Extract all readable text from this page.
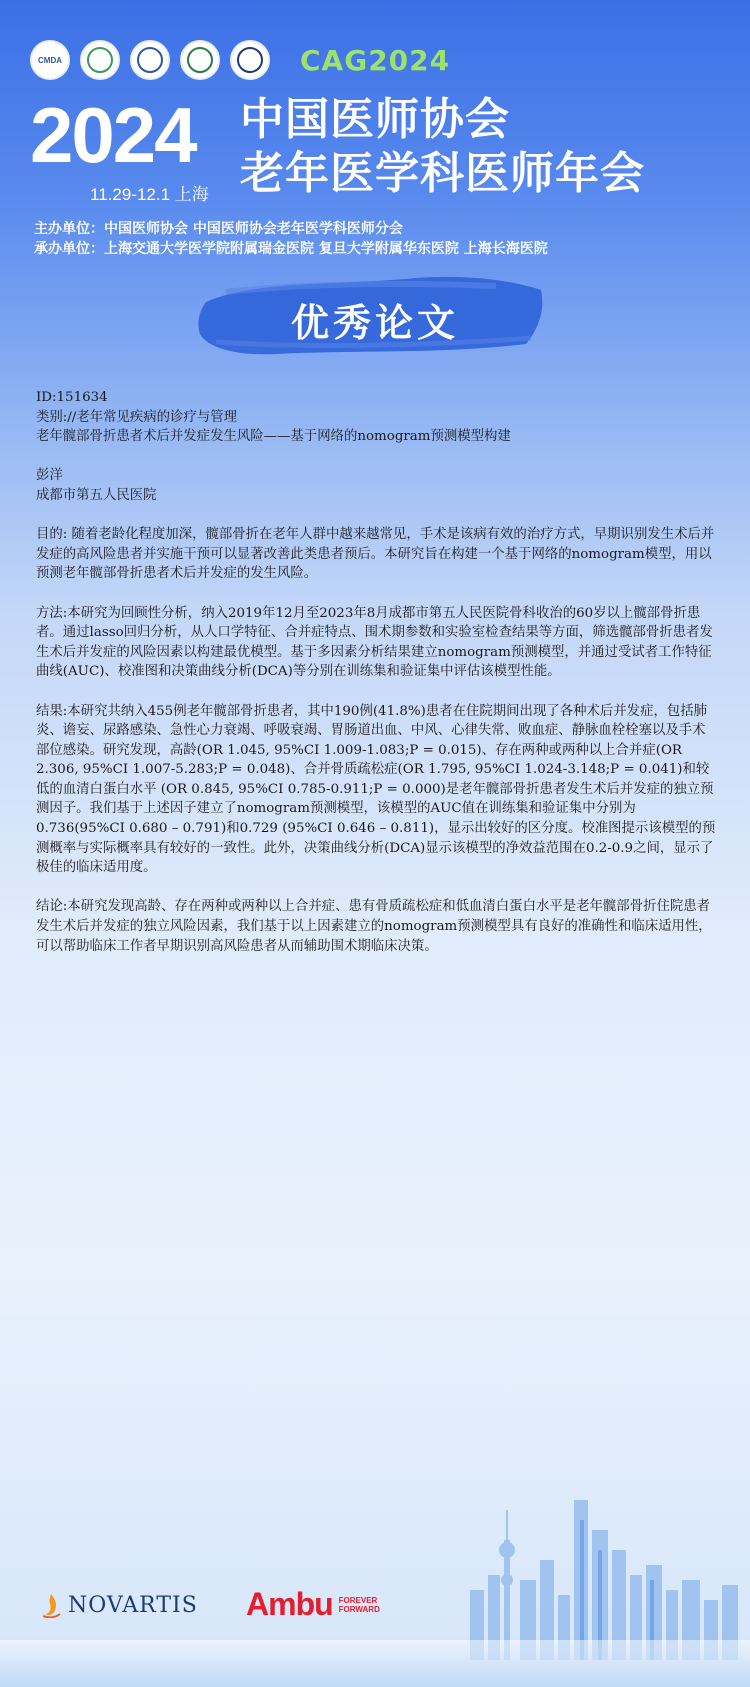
CMDA	CAG2024
2024
11.29-12.1 上海
中国医师协会
老年医学科医师年会
主办单位：中国医师协会 中国医师协会老年医学科医师分会
承办单位：上海交通大学医学院附属瑞金医院 复旦大学附属华东医院 上海长海医院
优秀论文

ID:151634

类别://老年常见疾病的诊疗与管理

老年髋部骨折患者术后并发症发生风险——基于网络的nomogram预测模型构建

彭洋

成都市第五人民医院

目的: 随着老龄化程度加深，髋部骨折在老年人群中越来越常见，手术是该病有效的治疗方式，早期识别发生术后并发症的高风险患者并实施干预可以显著改善此类患者预后。本研究旨在构建一个基于网络的nomogram模型，用以预测老年髋部骨折患者术后并发症的发生风险。

方法:本研究为回顾性分析，纳入2019年12月至2023年8月成都市第五人民医院骨科收治的60岁以上髋部骨折患者。通过lasso回归分析，从人口学特征、合并症特点、围术期参数和实验室检查结果等方面，筛选髋部骨折患者发生术后并发症的风险因素以构建最优模型。基于多因素分析结果建立nomogram预测模型，并通过受试者工作特征曲线(AUC)、校准图和决策曲线分析(DCA)等分别在训练集和验证集中评估该模型性能。

结果:本研究共纳入455例老年髋部骨折患者，其中190例(41.8%)患者在住院期间出现了各种术后并发症，包括肺炎、谵妄、尿路感染、急性心力衰竭、呼吸衰竭、胃肠道出血、中风、心律失常、败血症、静脉血栓栓塞以及手术部位感染。研究发现，高龄(OR 1.045, 95%CI 1.009-1.083;P = 0.015)、存在两种或两种以上合并症(OR 2.306, 95%CI 1.007-5.283;P = 0.048)、合并骨质疏松症(OR 1.795, 95%CI 1.024-3.148;P = 0.041)和较低的血清白蛋白水平 (OR 0.845, 95%CI 0.785-0.911;P = 0.000)是老年髋部骨折患者发生术后并发症的独立预测因子。我们基于上述因子建立了nomogram预测模型，该模型的AUC值在训练集和验证集中分别为0.736(95%CI 0.680 – 0.791)和0.729 (95%CI 0.646 – 0.811)，显示出较好的区分度。校准图提示该模型的预测概率与实际概率具有较好的一致性。此外，决策曲线分析(DCA)显示该模型的净效益范围在0.2-0.9之间，显示了极佳的临床适用度。

结论:本研究发现高龄、存在两种或两种以上合并症、患有骨质疏松症和低血清白蛋白水平是老年髋部骨折住院患者发生术后并发症的独立风险因素，我们基于以上因素建立的nomogram预测模型具有良好的准确性和临床适用性，可以帮助临床工作者早期识别高风险患者从而辅助围术期临床决策。

NOVARTIS Ambu FOREVER
FORWARD
